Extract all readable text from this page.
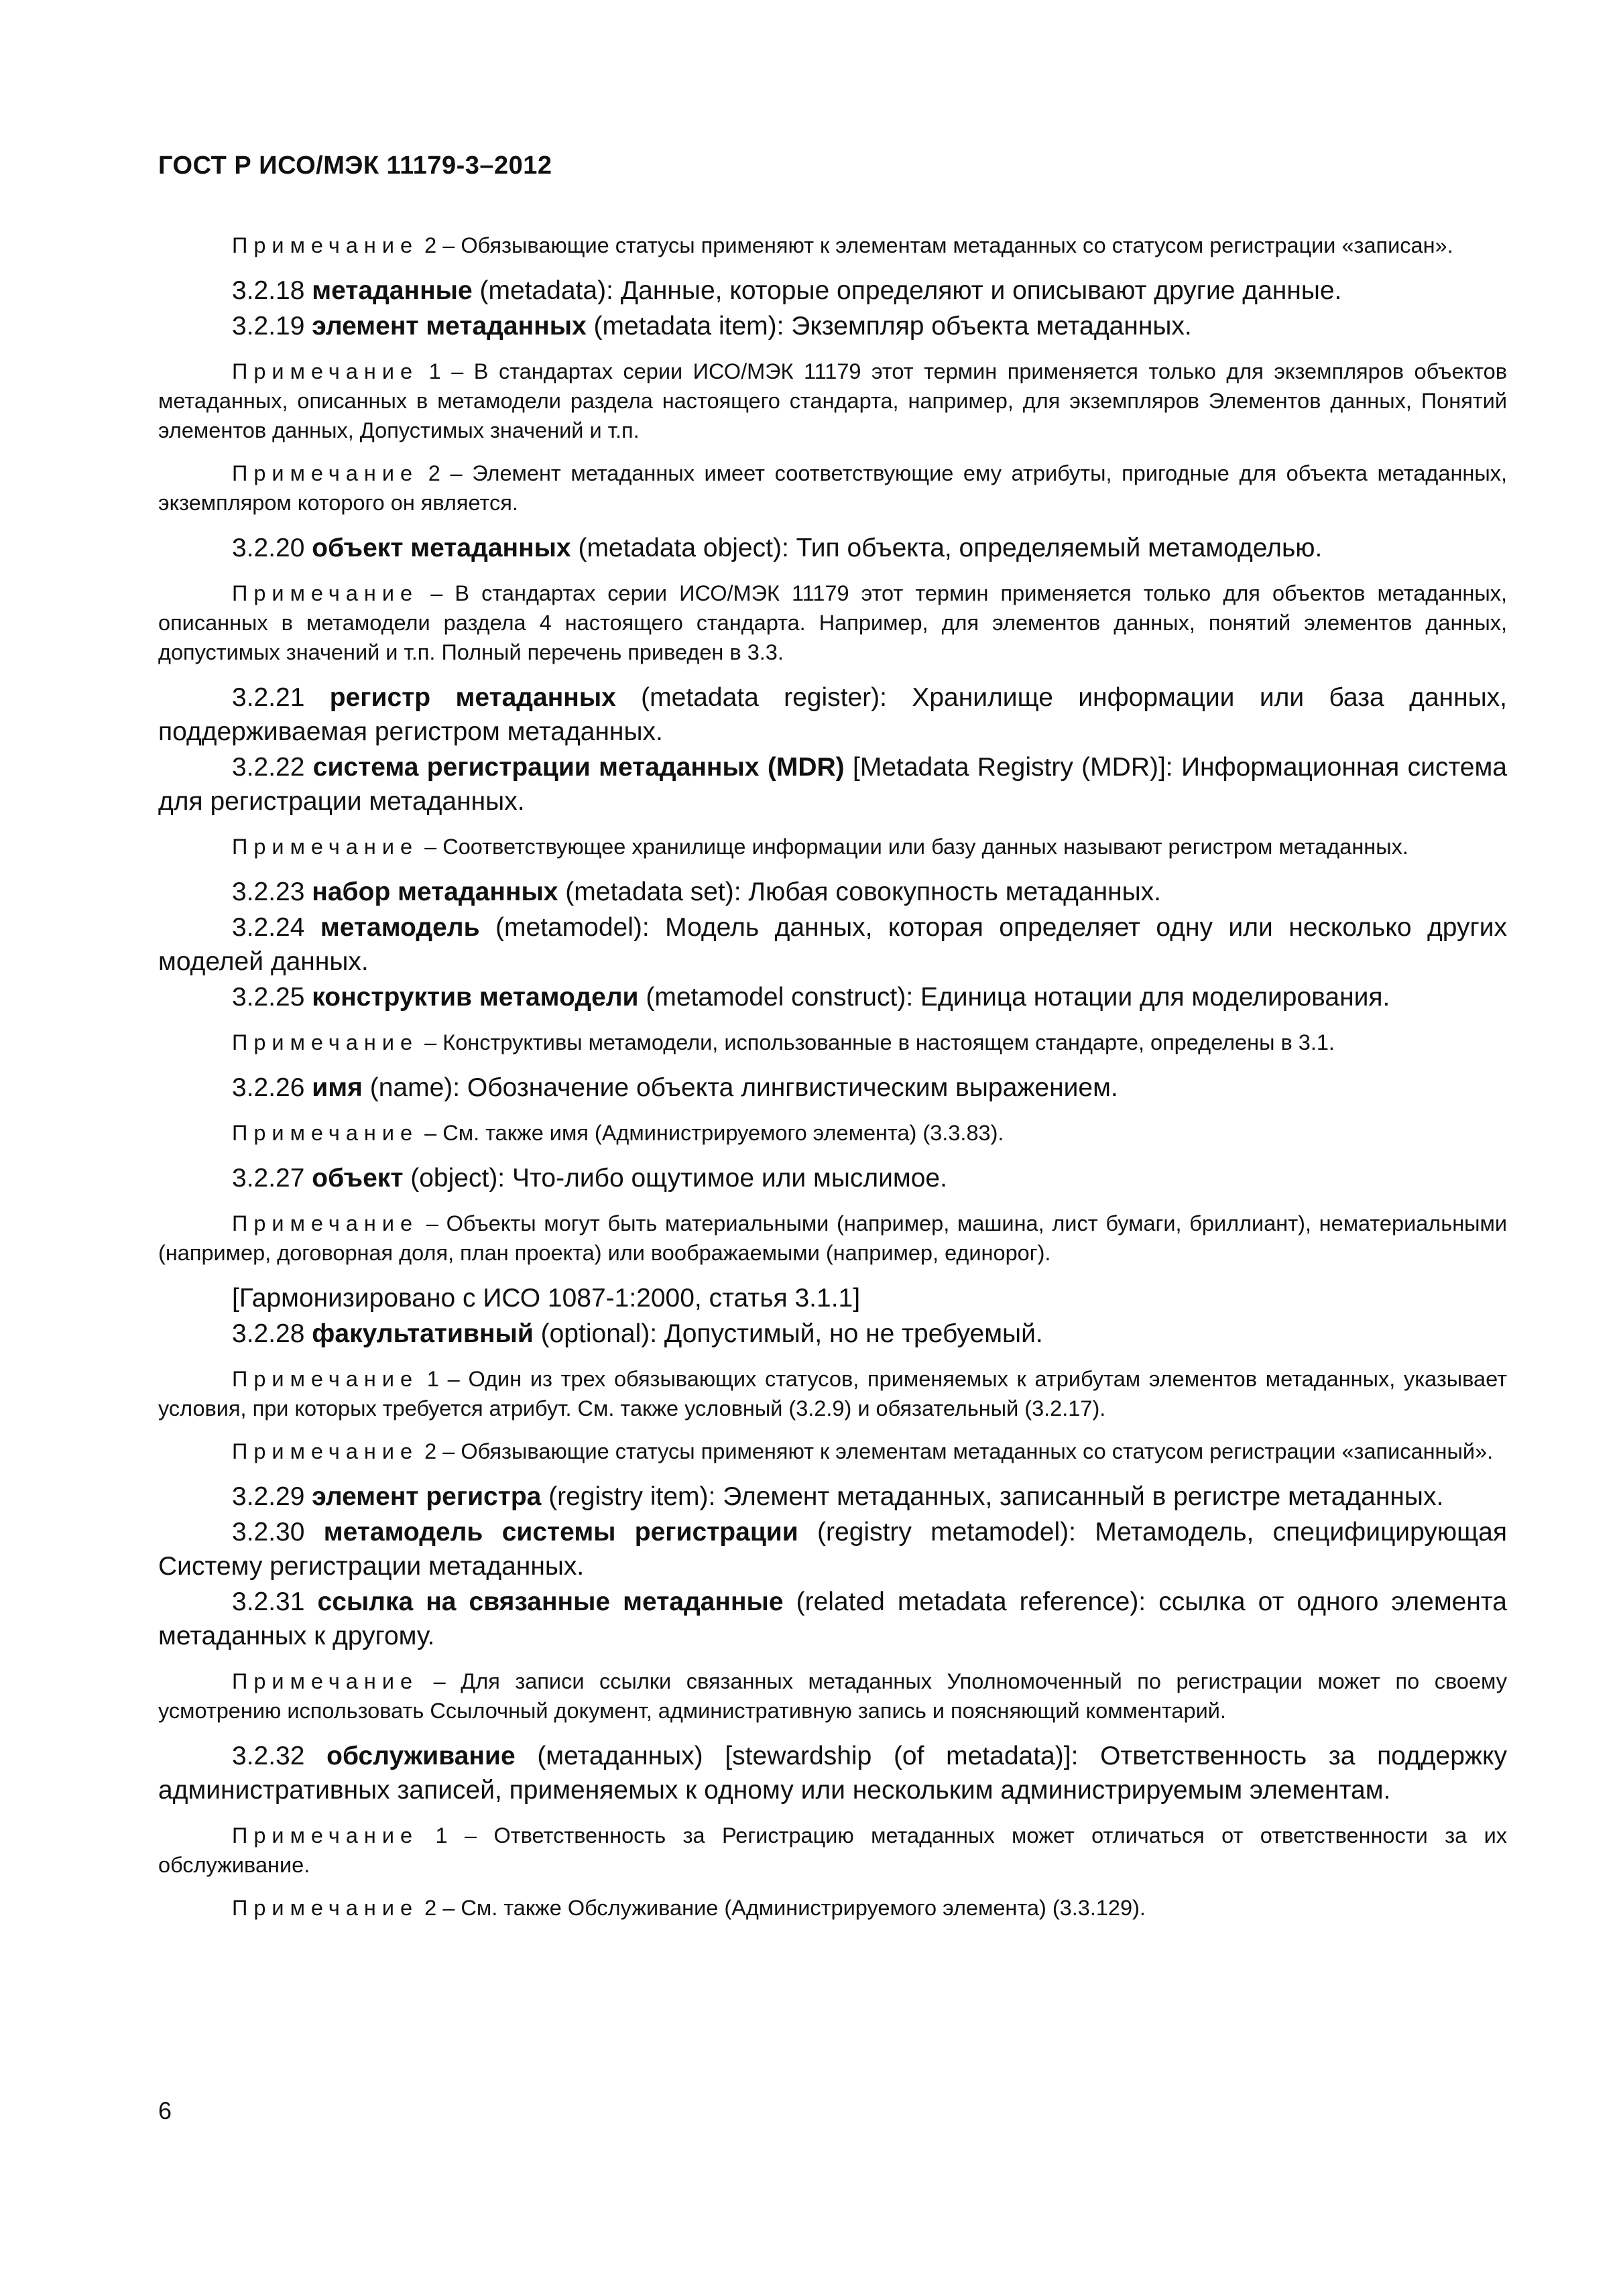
ГОСТ Р ИСО/МЭК 11179-3–2012

Примечание 2 – Обязывающие статусы применяют к элементам метаданных со статусом регистрации «записан».

3.2.18 метаданные (metadata): Данные, которые определяют и описывают другие данные.

3.2.19 элемент метаданных (metadata item): Экземпляр объекта метаданных.

Примечание 1 – В стандартах серии ИСО/МЭК 11179 этот термин применяется только для экземпляров объектов метаданных, описанных в метамодели раздела настоящего стандарта, например, для экземпляров Элементов данных, Понятий элементов данных, Допустимых значений и т.п.

Примечание 2 – Элемент метаданных имеет соответствующие ему атрибуты, пригодные для объекта метаданных, экземпляром которого он является.

3.2.20 объект метаданных (metadata object): Тип объекта, определяемый метамоделью.

Примечание – В стандартах серии ИСО/МЭК 11179 этот термин применяется только для объектов метаданных, описанных в метамодели раздела 4 настоящего стандарта. Например, для элементов данных, понятий элементов данных, допустимых значений и т.п. Полный перечень приведен в 3.3.

3.2.21 регистр метаданных (metadata register): Хранилище информации или база данных, поддерживаемая регистром метаданных.

3.2.22 система регистрации метаданных (MDR) [Metadata Registry (MDR)]: Информационная система для регистрации метаданных.

Примечание – Соответствующее хранилище информации или базу данных называют регистром метаданных.

3.2.23 набор метаданных (metadata set): Любая совокупность метаданных.

3.2.24 метамодель (metamodel): Модель данных, которая определяет одну или несколько других моделей данных.

3.2.25 конструктив метамодели (metamodel construct): Единица нотации для моделирования.

Примечание – Конструктивы метамодели, использованные в настоящем стандарте, определены в 3.1.

3.2.26 имя (name): Обозначение объекта лингвистическим выражением.

Примечание – См. также имя (Администрируемого элемента) (3.3.83).

3.2.27 объект (object): Что-либо ощутимое или мыслимое.

Примечание – Объекты могут быть материальными (например, машина, лист бумаги, бриллиант), нематериальными (например, договорная доля, план проекта) или воображаемыми (например, единорог).

[Гармонизировано с ИСО 1087-1:2000, статья 3.1.1]

3.2.28 факультативный (optional): Допустимый, но не требуемый.

Примечание 1 – Один из трех обязывающих статусов, применяемых к атрибутам элементов метаданных, указывает условия, при которых требуется атрибут. См. также условный (3.2.9) и обязательный (3.2.17).

Примечание 2 – Обязывающие статусы применяют к элементам метаданных со статусом регистрации «записанный».

3.2.29 элемент регистра (registry item): Элемент метаданных, записанный в регистре метаданных.

3.2.30 метамодель системы регистрации (registry metamodel): Метамодель, специфицирующая Систему регистрации метаданных.

3.2.31 ссылка на связанные метаданные (related metadata reference): ссылка от одного элемента метаданных к другому.

Примечание – Для записи ссылки связанных метаданных Уполномоченный по регистрации может по своему усмотрению использовать Ссылочный документ, административную запись и поясняющий комментарий.

3.2.32 обслуживание (метаданных) [stewardship (of metadata)]: Ответственность за поддержку административных записей, применяемых к одному или нескольким администрируемым элементам.

Примечание 1 – Ответственность за Регистрацию метаданных может отличаться от ответственности за их обслуживание.

Примечание 2 – См. также Обслуживание (Администрируемого элемента) (3.3.129).

6
